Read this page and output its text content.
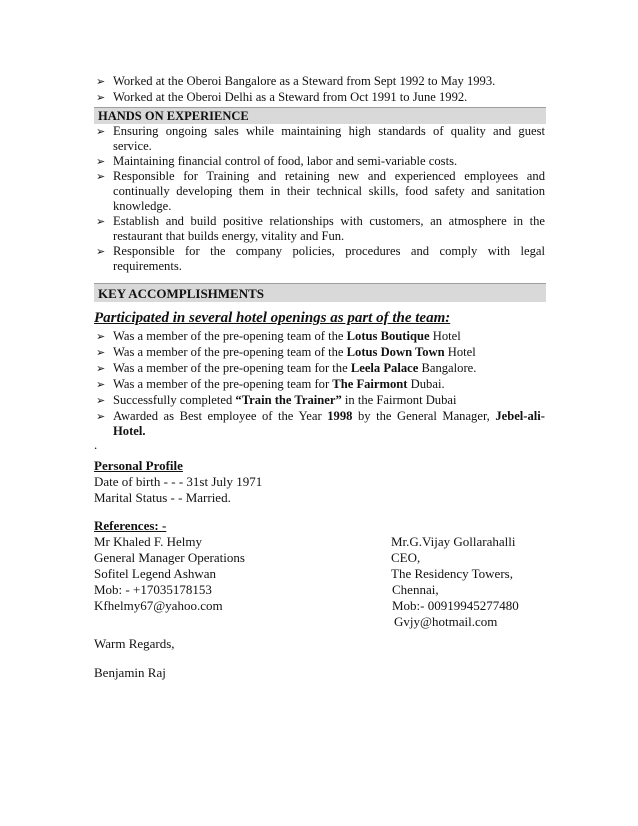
➢ Worked at the Oberoi Bangalore as a Steward from Sept 1992 to May 1993.
➢ Worked at the Oberoi Delhi as a Steward from Oct 1991 to June 1992.
HANDS ON EXPERIENCE
➢ Ensuring ongoing sales while maintaining high standards of quality and guest service.
➢ Maintaining financial control of food, labor and semi-variable costs.
➢ Responsible for Training and retaining new and experienced employees and continually developing them in their technical skills, food safety and sanitation knowledge.
➢ Establish and build positive relationships with customers, an atmosphere in the restaurant that builds energy, vitality and Fun.
➢ Responsible for the company policies, procedures and comply with legal requirements.
KEY ACCOMPLISHMENTS
Participated in several hotel openings as part of the team:
➢ Was a member of the pre-opening team of the Lotus Boutique Hotel
➢ Was a member of the pre-opening team of the Lotus Down Town Hotel
➢ Was a member of the pre-opening team for the Leela Palace Bangalore.
➢ Was a member of the pre-opening team for The Fairmont Dubai.
➢ Successfully completed “Train the Trainer” in the Fairmont Dubai
➢ Awarded as Best employee of the Year 1998 by the General Manager, Jebel-ali-Hotel.
.
Personal Profile
Date of birth - - - 31st July 1971
Marital Status - - Married.
References: -
Mr Khaled F. Helmy
General Manager Operations
Sofitel Legend Ashwan
Mob: - +17035178153
Kfhelmy67@yahoo.com
Mr.G.Vijay Gollarahalli
CEO,
The Residency Towers,
Chennai,
Mob:- 00919945277480
Gvjy@hotmail.com
Warm Regards,
Benjamin Raj
